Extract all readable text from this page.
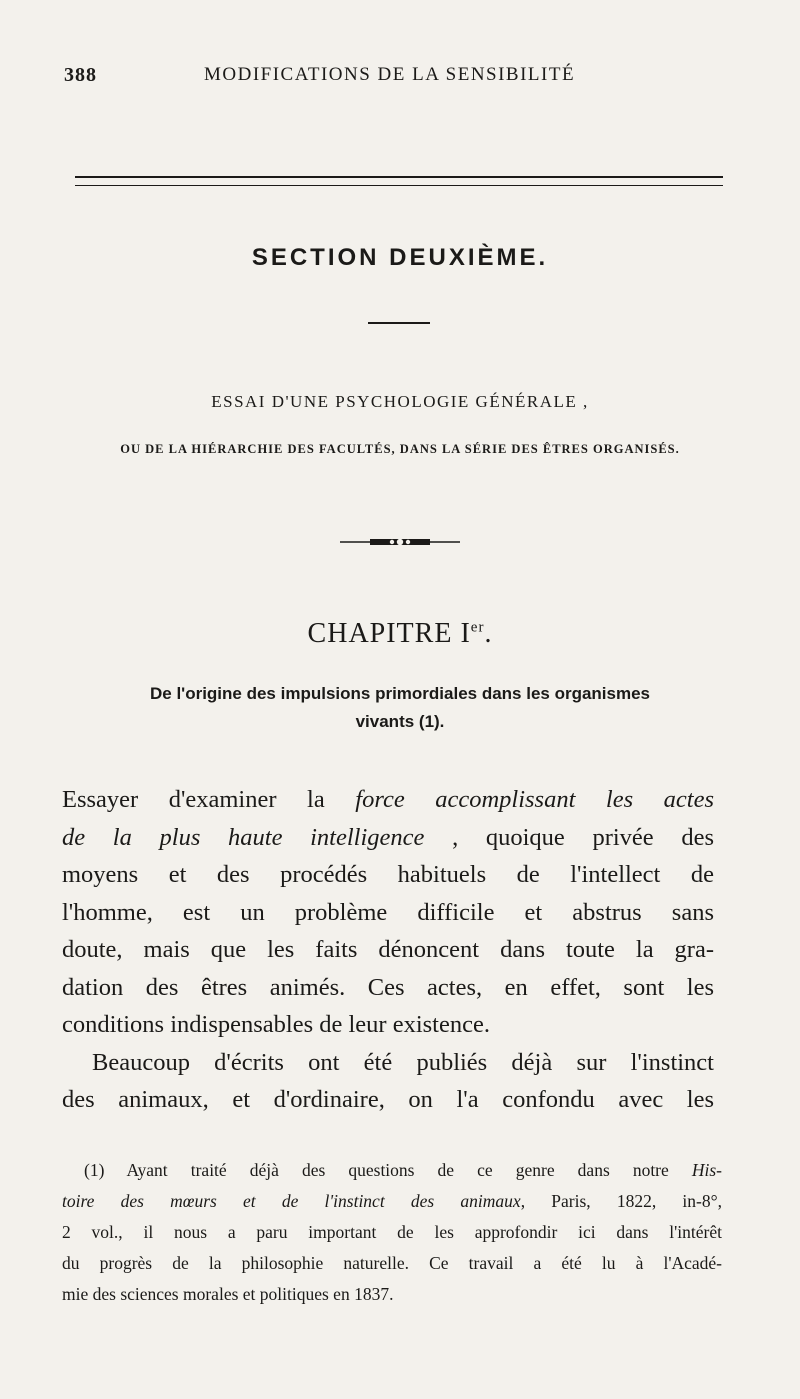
388	MODIFICATIONS DE LA SENSIBILITÉ
SECTION DEUXIÈME.
ESSAI D'UNE PSYCHOLOGIE GÉNÉRALE ,
OU DE LA HIÉRARCHIE DES FACULTÉS, DANS LA SÉRIE DES ÊTRES ORGANISÉS.
CHAPITRE Ier.
De l'origine des impulsions primordiales dans les organismes
vivants (1).

Essayer d'examiner la force accomplissant les actes
de la plus haute intelligence , quoique privée des
moyens et des procédés habituels de l'intellect de
l'homme, est un problème difficile et abstrus sans
doute, mais que les faits dénoncent dans toute la gra-
dation des êtres animés. Ces actes, en effet, sont les
conditions indispensables de leur existence.

Beaucoup d'écrits ont été publiés déjà sur l'instinct
des animaux, et d'ordinaire, on l'a confondu avec les

(1) Ayant traité déjà des questions de ce genre dans notre His-
toire des mœurs et de l'instinct des animaux, Paris, 1822, in-8°,
2 vol., il nous a paru important de les approfondir ici dans l'intérêt
du progrès de la philosophie naturelle. Ce travail a été lu à l'Acadé-
mie des sciences morales et politiques en 1837.
